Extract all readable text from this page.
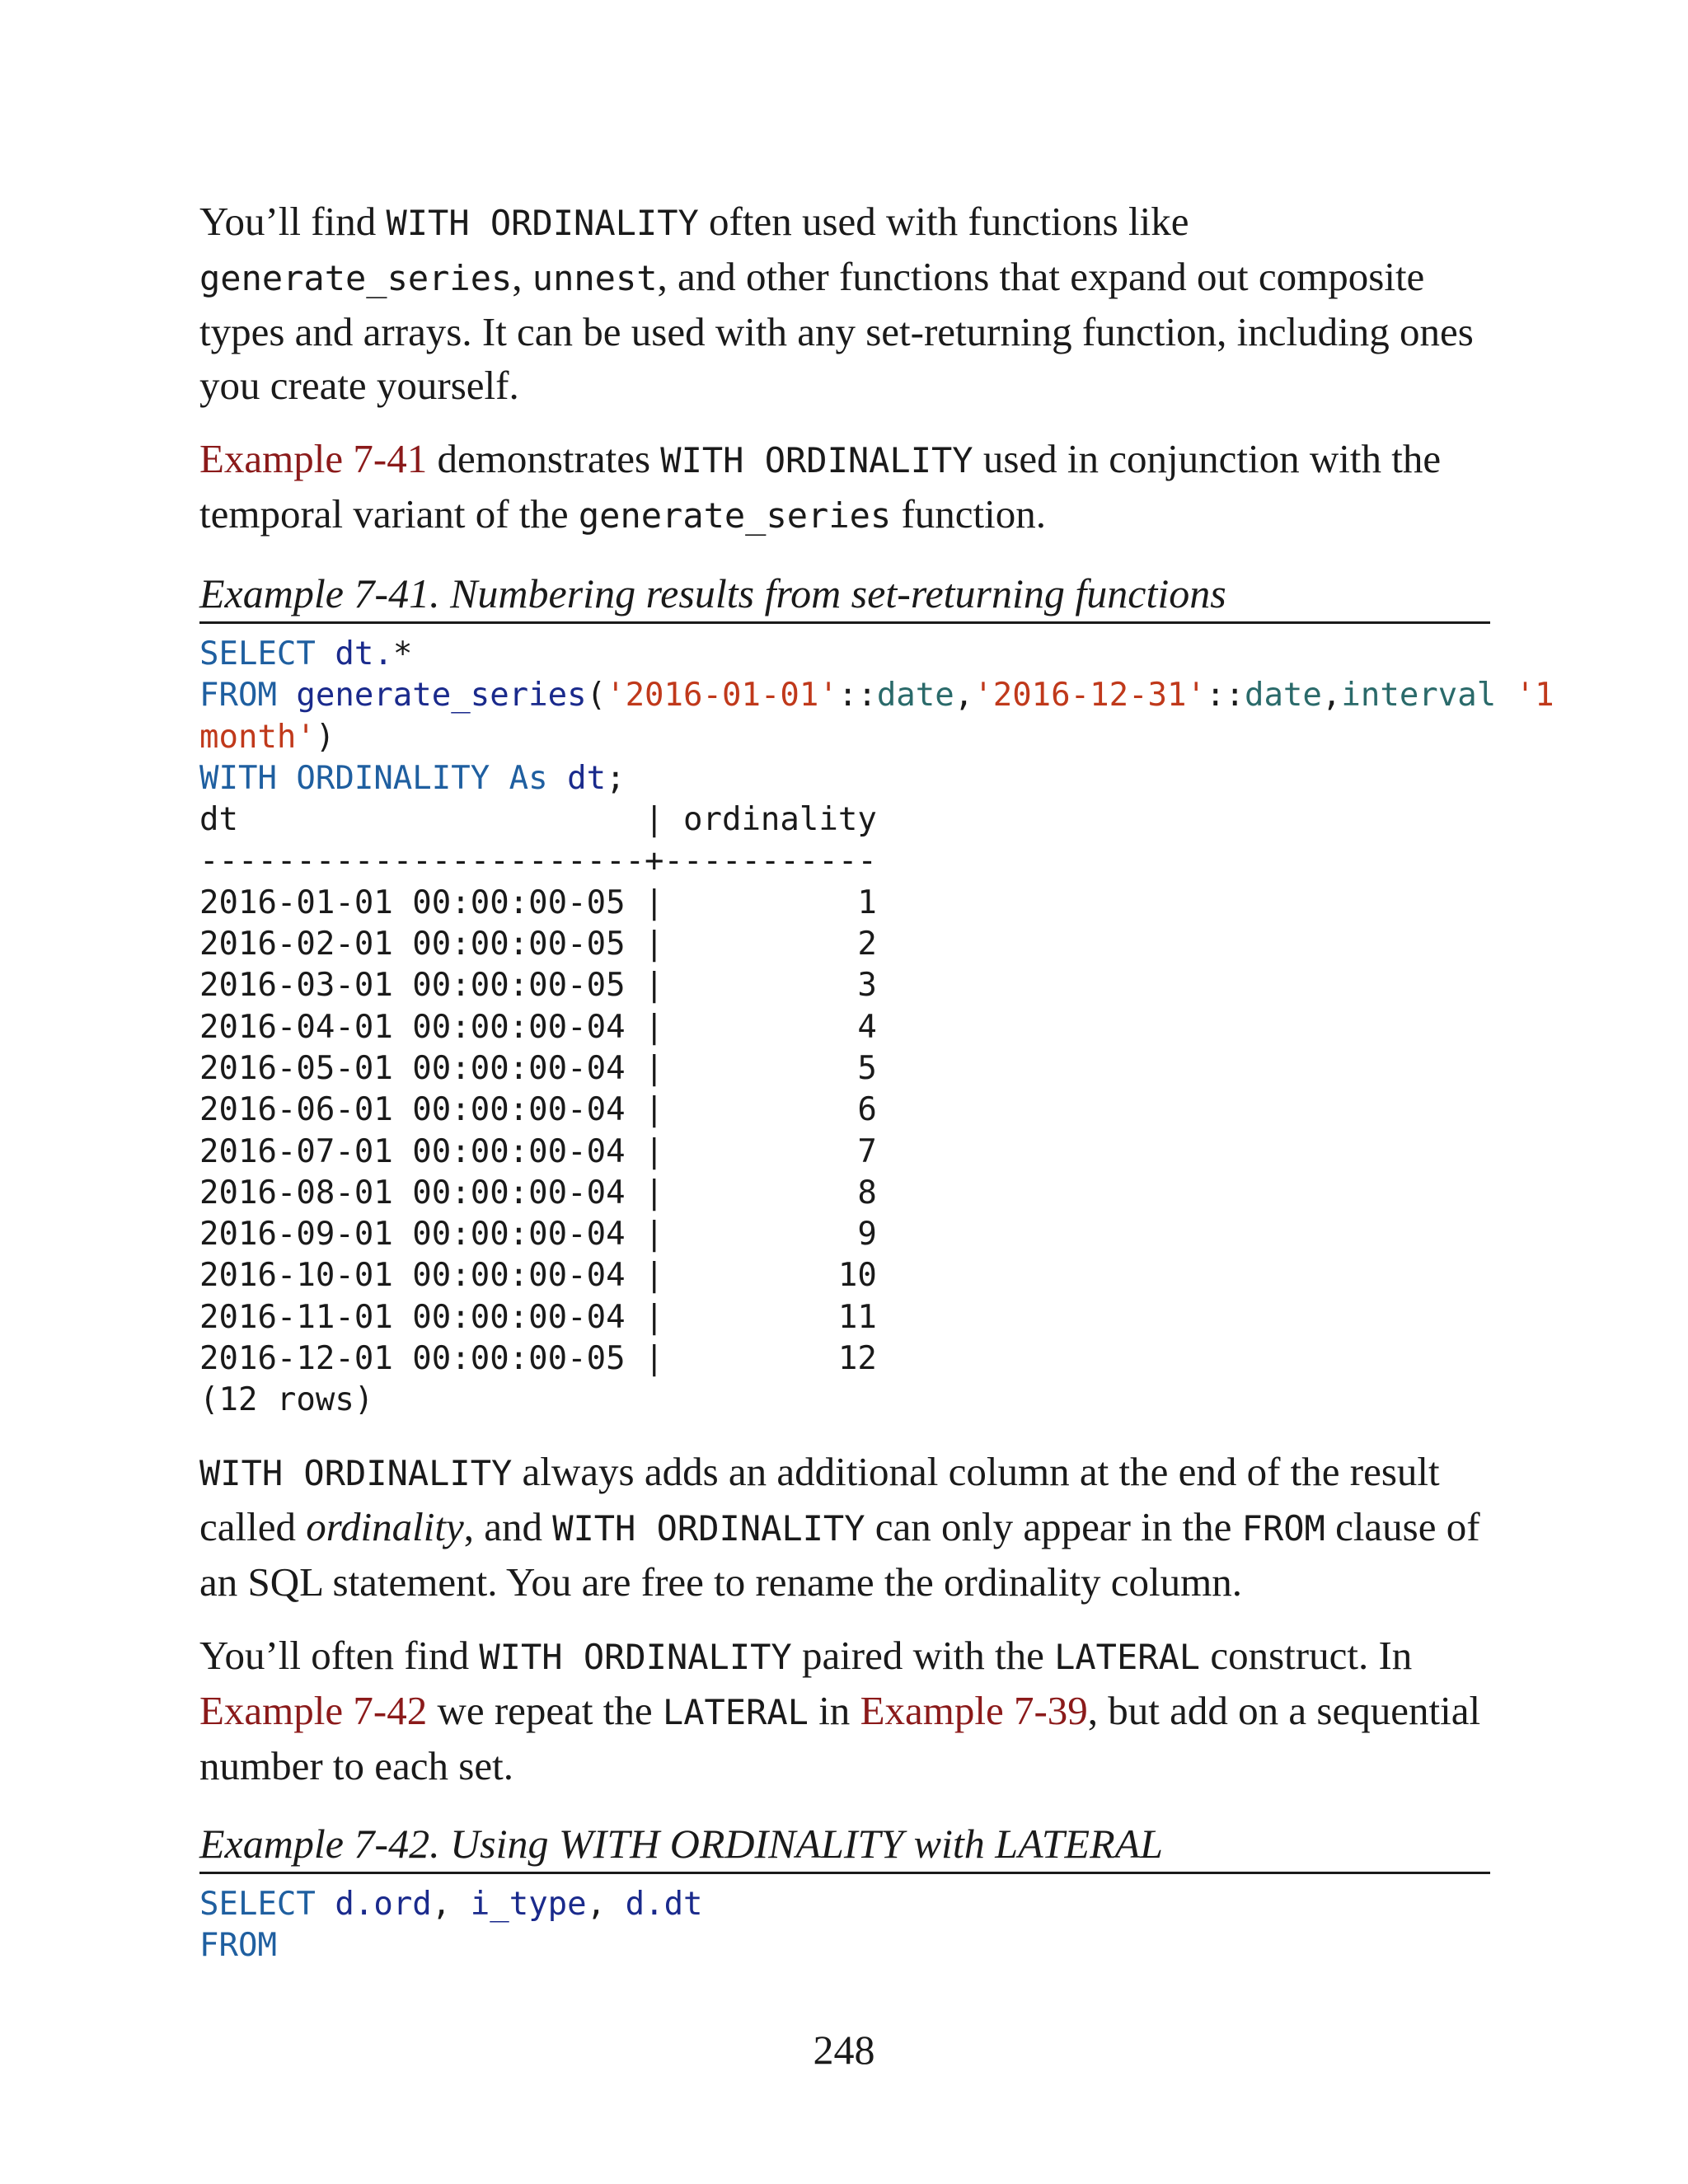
You’ll find WITH ORDINALITY often used with functions like
generate_series, unnest, and other functions that expand out composite types and arrays. It can be used with any set-returning function, including ones you create yourself.

Example 7-41 demonstrates WITH ORDINALITY used in conjunction with the temporal variant of the generate_series function.

Example 7-41. Numbering results from set-returning functions
SELECT dt.*
FROM generate_series('2016-01-01'::date,'2016-12-31'::date,interval '1
month')
WITH ORDINALITY As dt;
dt                     | ordinality
-----------------------+-----------
2016-01-01 00:00:00-05 |          1
2016-02-01 00:00:00-05 |          2
2016-03-01 00:00:00-05 |          3
2016-04-01 00:00:00-04 |          4
2016-05-01 00:00:00-04 |          5
2016-06-01 00:00:00-04 |          6
2016-07-01 00:00:00-04 |          7
2016-08-01 00:00:00-04 |          8
2016-09-01 00:00:00-04 |          9
2016-10-01 00:00:00-04 |         10
2016-11-01 00:00:00-04 |         11
2016-12-01 00:00:00-05 |         12
(12 rows)

WITH ORDINALITY always adds an additional column at the end of the result called ordinality, and WITH ORDINALITY can only appear in the FROM clause of an SQL statement. You are free to rename the ordinality column.

You’ll often find WITH ORDINALITY paired with the LATERAL construct. In
Example 7-42 we repeat the LATERAL in Example 7-39, but add on a sequential number to each set.

Example 7-42. Using WITH ORDINALITY with LATERAL
SELECT d.ord, i_type, d.dt
FROM
248
